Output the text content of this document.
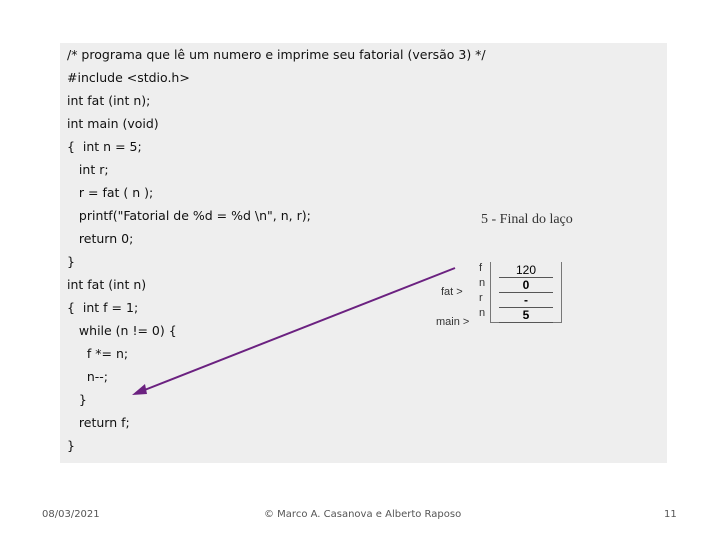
/* programa que lê um numero e imprime seu fatorial (versão 3) */
#include <stdio.h>
int fat (int n);
int main (void)
{  int n = 5;
int r;
r = fat ( n );
printf("Fatorial de %d = %d \n", n, r);
return 0;
}
int fat (int n)
{  int f = 1;
while (n != 0) {
f *= n;
n--;
}
return f;
}
5 - Final do laço
f
n
r
n
fat >
main >
120
0
-
5
08/03/2021	© Marco A. Casanova e Alberto Raposo	11
